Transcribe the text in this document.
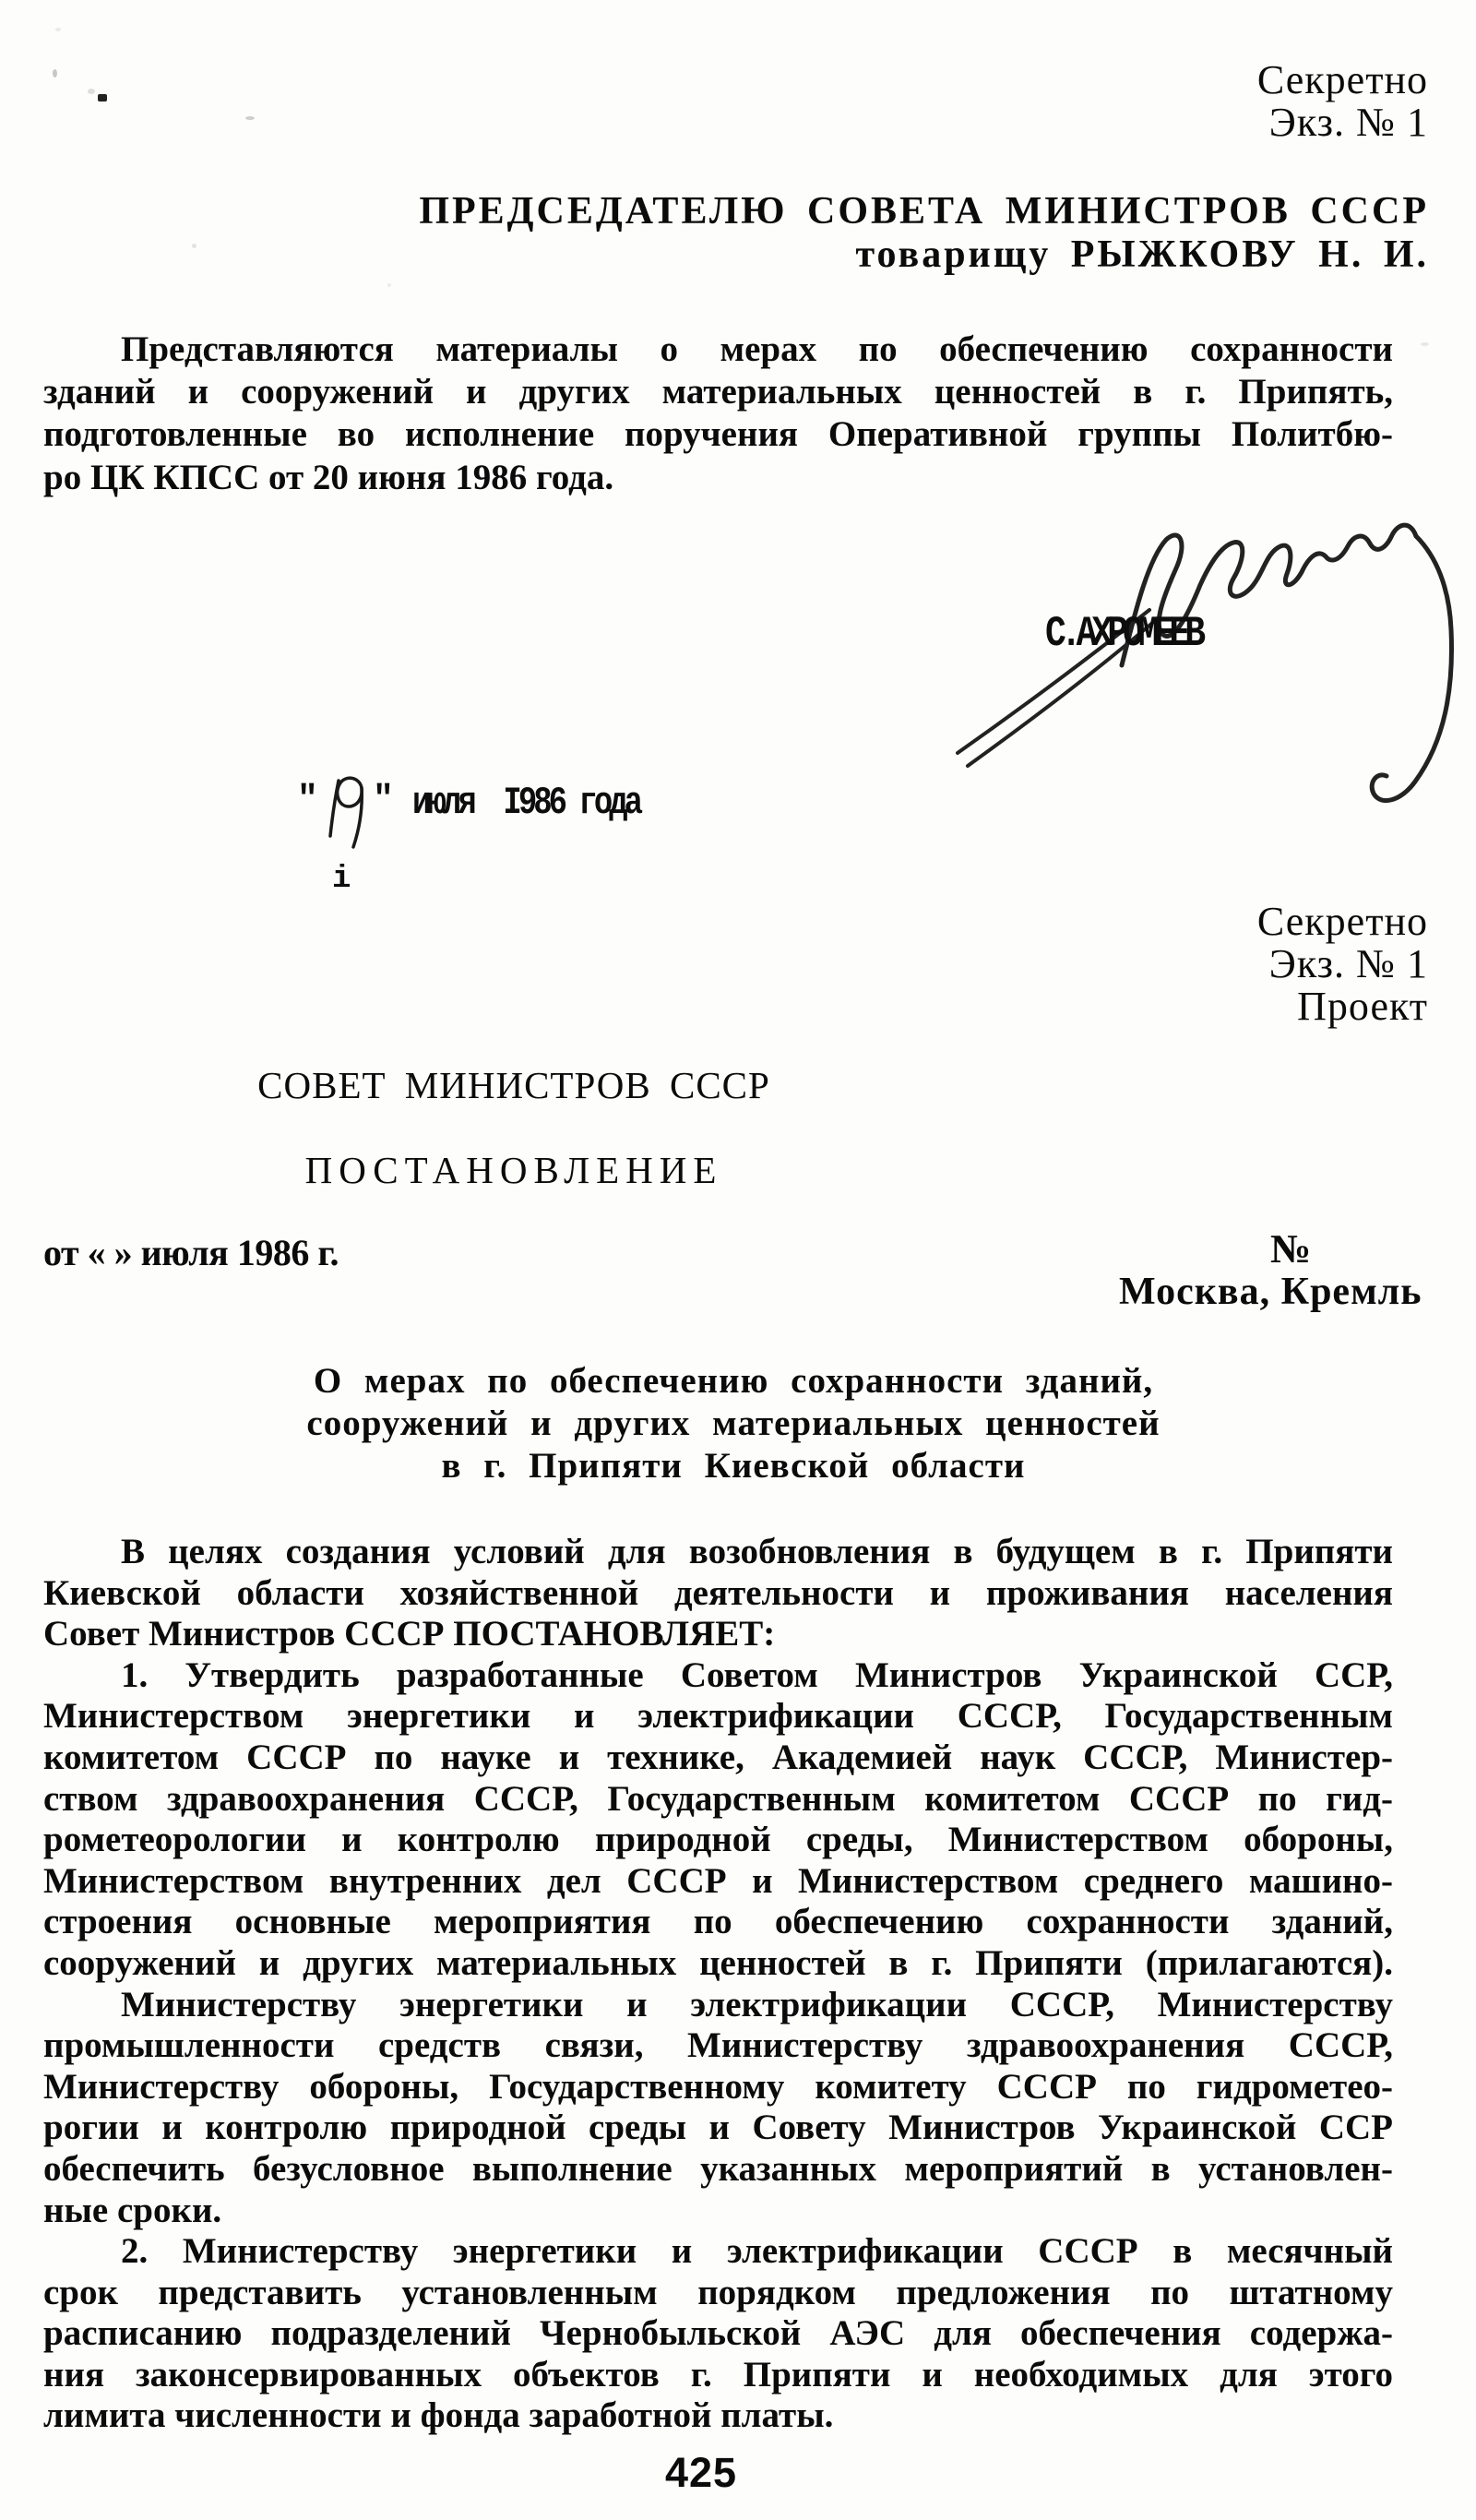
Секретно
Экз. № 1
ПРЕДСЕДАТЕЛЮ СОВЕТА МИНИСТРОВ СССР
товарищу РЫЖКОВУ Н. И.
Представляются материалы о мерах по обеспечению сохранности
зданий и сооружений и других материальных ценностей в г. Припять,
подготовленные во исполнение поручения Оперативной группы Политбю-
ро ЦК КПСС от 20 июня 1986 года.
С.АХРОМЕЕВ
" " июля  I986 года
i
Секретно
Экз. № 1
Проект
СОВЕТ МИНИСТРОВ СССР
ПОСТАНОВЛЕНИЕ
от « » июля 1986 г.	№
Москва, Кремль
О мерах по обеспечению сохранности зданий,
сооружений и других материальных ценностей
в г. Припяти Киевской области
В целях создания условий для возобновления в будущем в г. Припяти
Киевской области хозяйственной деятельности и проживания населения
Совет Министров СССР ПОСТАНОВЛЯЕТ:
1. Утвердить разработанные Советом Министров Украинской ССР,
Министерством энергетики и электрификации СССР, Государственным
комитетом СССР по науке и технике, Академией наук СССР, Министер-
ством здравоохранения СССР, Государственным комитетом СССР по гид-
рометеорологии и контролю природной среды, Министерством обороны,
Министерством внутренних дел СССР и Министерством среднего машино-
строения основные мероприятия по обеспечению сохранности зданий,
сооружений и других материальных ценностей в г. Припяти (прилагаются).
Министерству энергетики и электрификации СССР, Министерству
промышленности средств связи, Министерству здравоохранения СССР,
Министерству обороны, Государственному комитету СССР по гидрометео-
рогии и контролю природной среды и Совету Министров Украинской ССР
обеспечить безусловное выполнение указанных мероприятий в установлен-
ные сроки.
2. Министерству энергетики и электрификации СССР в месячный
срок представить установленным порядком предложения по штатному
расписанию подразделений Чернобыльской АЭС для обеспечения содержа-
ния законсервированных объектов г. Припяти и необходимых для этого
лимита численности и фонда заработной платы.
425
